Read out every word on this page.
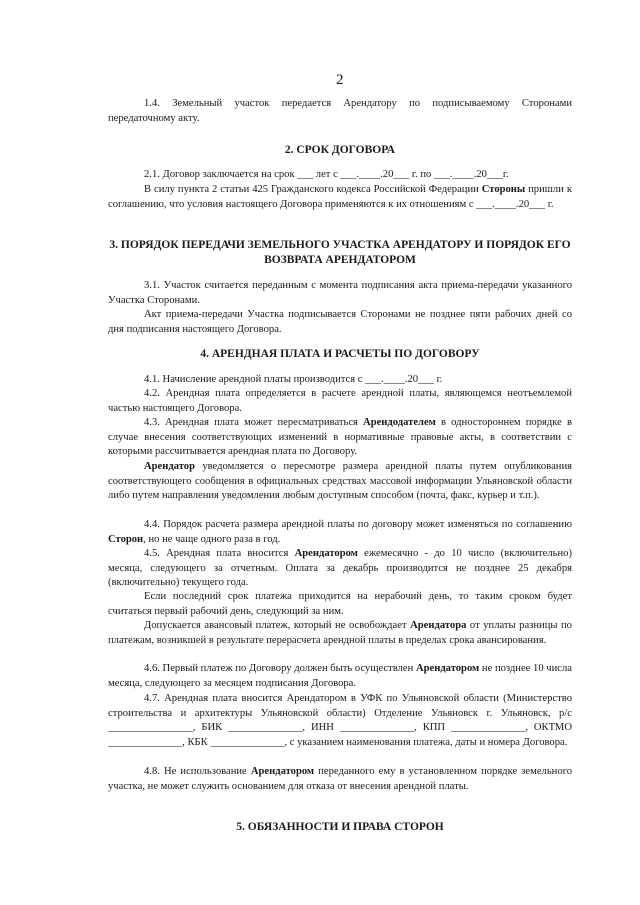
2

1.4. Земельный участок передается Арендатору по подписываемому Сторонами передаточному акту.

2. СРОК ДОГОВОРА

2.1. Договор заключается на срок ___ лет с ___.____.20___ г. по ___.____.20___г.

В силу пункта 2 статьи 425 Гражданского кодекса Российской Федерации Стороны пришли к соглашению, что условия настоящего Договора применяются к их отношениям с ___.____.20___ г.

3. ПОРЯДОК ПЕРЕДАЧИ ЗЕМЕЛЬНОГО УЧАСТКА АРЕНДАТОРУ И ПОРЯДОК ЕГО ВОЗВРАТА АРЕНДАТОРОМ

3.1. Участок считается переданным с момента подписания акта приема-передачи указанного Участка Сторонами.

Акт приема-передачи Участка подписывается Сторонами не позднее пяти рабочих дней со дня подписания настоящего Договора.

4. АРЕНДНАЯ ПЛАТА И РАСЧЕТЫ ПО ДОГОВОРУ

4.1. Начисление арендной платы производится с ___.____.20___ г.

4.2. Арендная плата определяется в расчете арендной платы, являющемся неотъемлемой частью настоящего Договора.

4.3. Арендная плата может пересматриваться Арендодателем в одностороннем порядке в случае внесения соответствующих изменений в нормативные правовые акты, в соответствии с которыми рассчитывается арендная плата по Договору.

Арендатор уведомляется о пересмотре размера арендной платы путем опубликования соответствующего сообщения в официальных средствах массовой информации Ульяновской области либо путем направления уведомления любым доступным способом (почта, факс, курьер и т.п.).

4.4. Порядок расчета размера арендной платы по договору может изменяться по соглашению Сторон, но не чаще одного раза в год.

4.5. Арендная плата вносится Арендатором ежемесячно - до 10 число (включительно) месяца, следующего за отчетным. Оплата за декабрь производится не позднее 25 декабря (включительно) текущего года.

Если последний срок платежа приходится на нерабочий день, то таким сроком будет считаться первый рабочий день, следующий за ним.

Допускается авансовый платеж, который не освобождает Арендатора от уплаты разницы по платежам, возникшей в результате перерасчета арендной платы в пределах срока авансирования.

4.6. Первый платеж по Договору должен быть осуществлен Арендатором не позднее 10 числа месяца, следующего за месяцем подписания Договора.

4.7. Арендная плата вносится Арендатором в УФК по Ульяновской области (Министерство строительства и архитектуры Ульяновской области) Отделение Ульяновск г. Ульяновск, р/с ________________, БИК ______________, ИНН ______________, КПП ______________, ОКТМО ______________, КБК ______________, с указанием наименования платежа, даты и номера Договора.

4.8. Не использование Арендатором переданного ему в установленном порядке земельного участка, не может служить основанием для отказа от внесения арендной платы.

5. ОБЯЗАННОСТИ И ПРАВА СТОРОН
